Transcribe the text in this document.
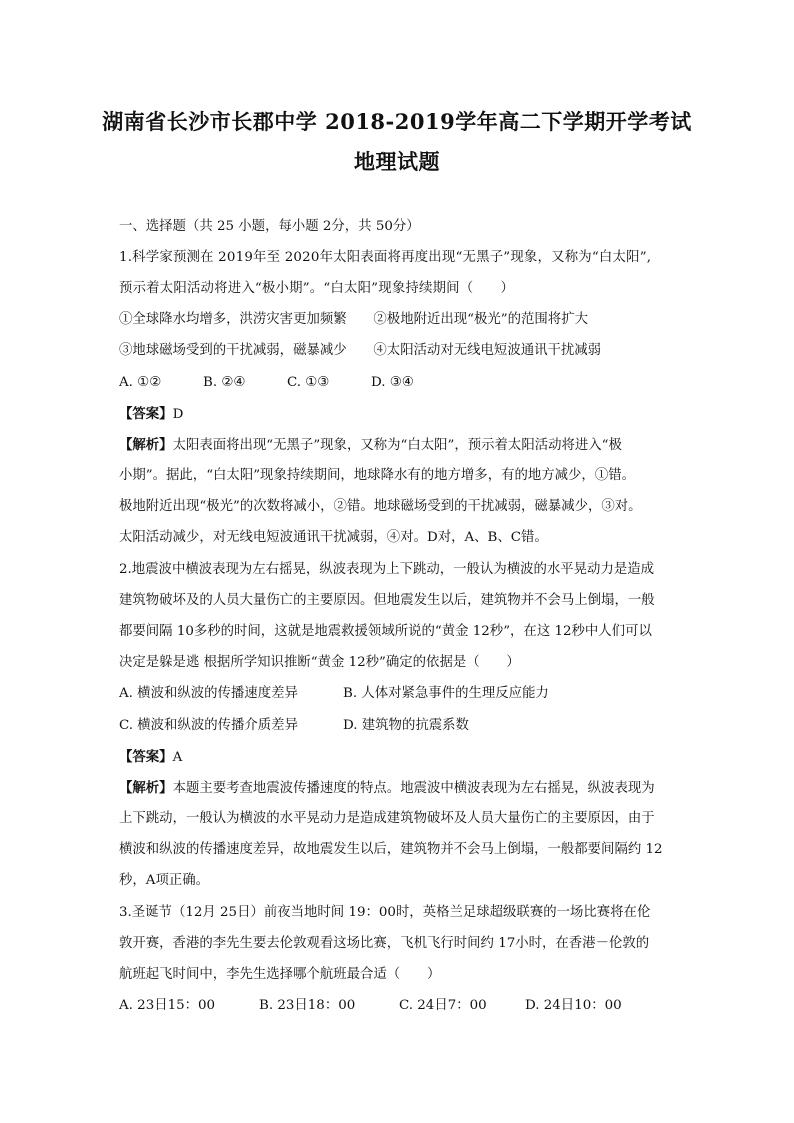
湖南省长沙市长郡中学 2018-2019学年高二下学期开学考试
地理试题
一、选择题（共 25 小题，每小题 2分，共 50分）
1.科学家预测在 2019年至 2020年太阳表面将再度出现“无黑子”现象，又称为“白太阳”,
预示着太阳活动将进入“极小期”。“白太阳”现象持续期间（　　）
①全球降水均增多，洪涝灾害更加频繁　　②极地附近出现“极光”的范围将扩大
③地球磁场受到的干扰减弱，磁暴减少　　④太阳活动对无线电短波通讯干扰减弱
A. ①②	B. ②④	C. ①③	D. ③④
【答案】D
【解析】太阳表面将出现“无黑子”现象，又称为“白太阳”，预示着太阳活动将进入“极
小期”。据此，“白太阳”现象持续期间，地球降水有的地方增多，有的地方减少，①错。
极地附近出现“极光”的次数将减小，②错。地球磁场受到的干扰减弱，磁暴减少，③对。
太阳活动减少，对无线电短波通讯干扰减弱，④对。D对，A、B、C错。
2.地震波中横波表现为左右摇晃，纵波表现为上下跳动，一般认为横波的水平晃动力是造成
建筑物破坏及的人员大量伤亡的主要原因。但地震发生以后，建筑物并不会马上倒塌，一般
都要间隔 10多秒的时间，这就是地震救援领域所说的“黄金 12秒”，在这 12秒中人们可以
决定是躲是逃 根据所学知识推断“黄金 12秒”确定的依据是（　　）
A. 横波和纵波的传播速度差异	B. 人体对紧急事件的生理反应能力
C. 横波和纵波的传播介质差异	D. 建筑物的抗震系数
【答案】A
【解析】本题主要考查地震波传播速度的特点。地震波中横波表现为左右摇晃，纵波表现为
上下跳动，一般认为横波的水平晃动力是造成建筑物破坏及人员大量伤亡的主要原因，由于
横波和纵波的传播速度差异，故地震发生以后，建筑物并不会马上倒塌，一般都要间隔约 12
秒，A项正确。
3.圣诞节（12月 25日）前夜当地时间 19：00时，英格兰足球超级联赛的一场比赛将在伦
敦开赛，香港的李先生要去伦敦观看这场比赛，飞机飞行时间约 17小时，在香港－伦敦的
航班起飞时间中，李先生选择哪个航班最合适（　　）
A. 23日15：00	B. 23日18：00	C. 24日7：00	D. 24日10：00
